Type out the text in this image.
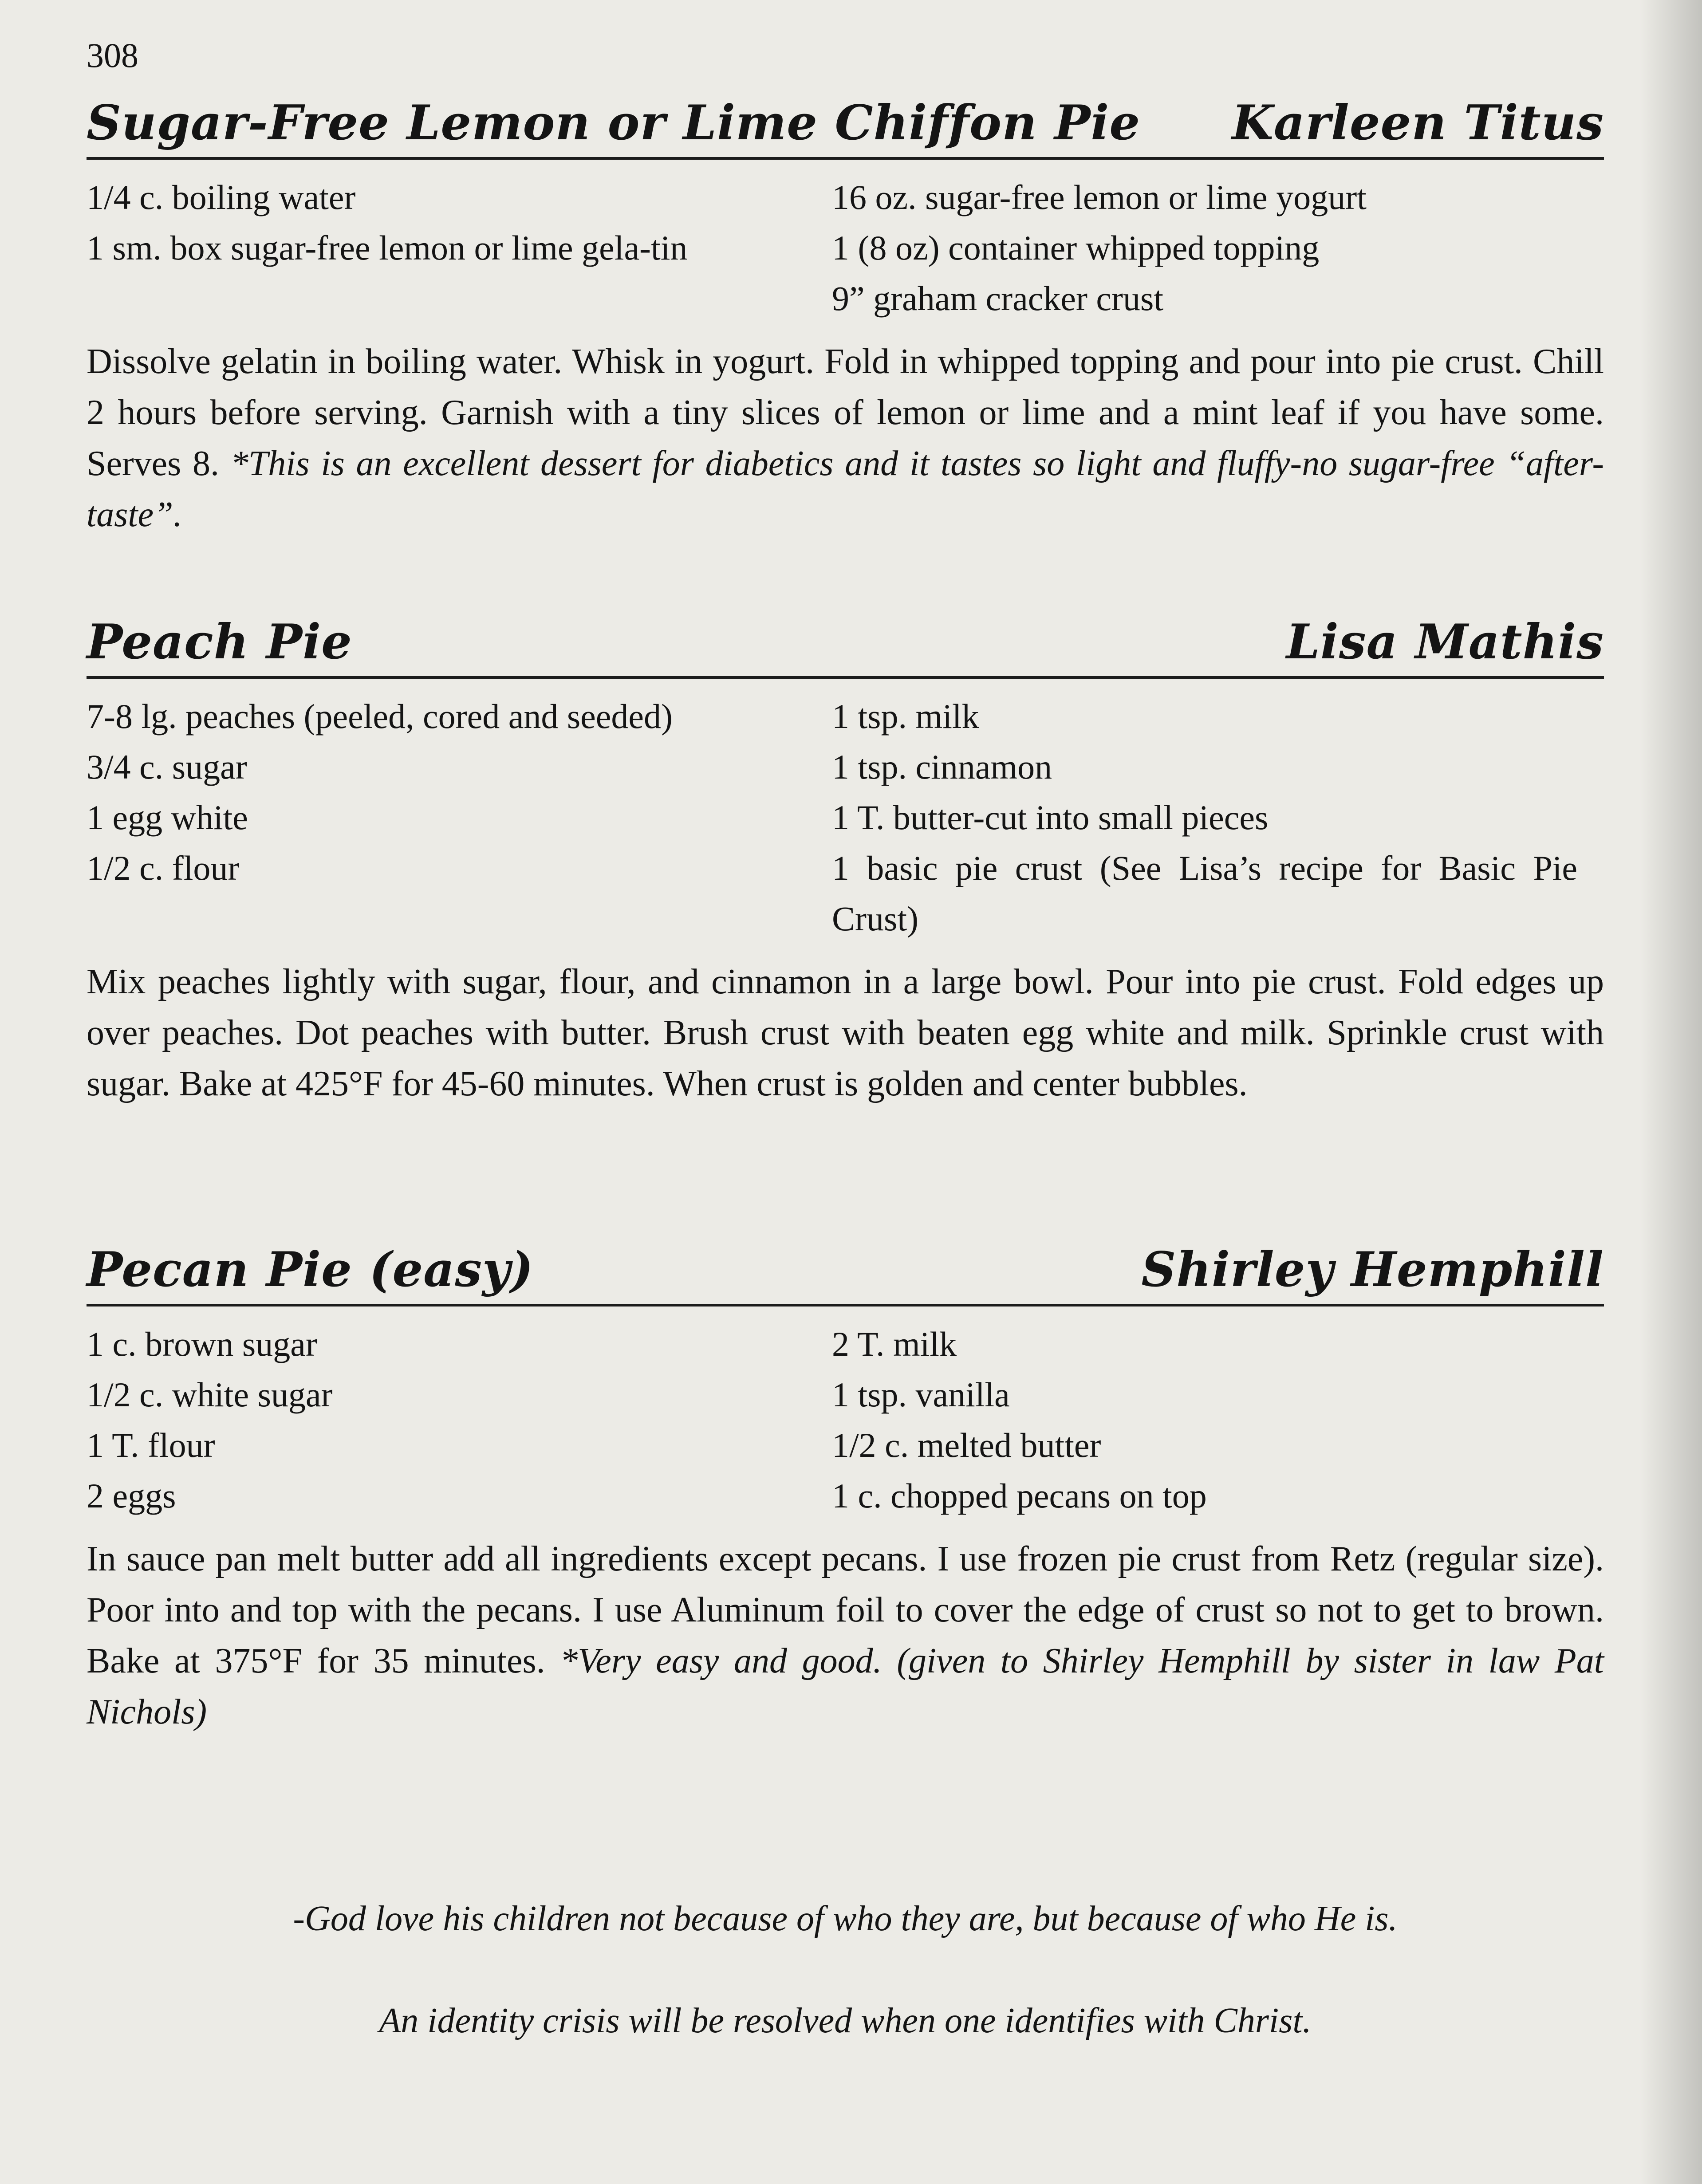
308
Sugar-Free Lemon or Lime Chiffon Pie Karleen Titus
1/4 c. boiling water
1 sm. box sugar-free lemon or lime gela-tin
16 oz. sugar-free lemon or lime yogurt
1 (8 oz) container whipped topping
9” graham cracker crust
Dissolve gelatin in boiling water. Whisk in yogurt. Fold in whipped topping and pour into pie crust. Chill 2 hours before serving. Garnish with a tiny slices of lemon or lime and a mint leaf if you have some. Serves 8. *This is an excellent dessert for diabetics and it tastes so light and fluffy-no sugar-free “after-taste”.
Peach Pie	Lisa Mathis
7-8 lg. peaches (peeled, cored and seeded)
3/4 c. sugar
1 egg white
1/2 c. flour
1 tsp. milk
1 tsp. cinnamon
1 T. butter-cut into small pieces
1 basic pie crust (See Lisa’s recipe for Basic Pie Crust)
Mix peaches lightly with sugar, flour, and cinnamon in a large bowl. Pour into pie crust. Fold edges up over peaches. Dot peaches with butter. Brush crust with beaten egg white and milk. Sprinkle crust with sugar. Bake at 425°F for 45-60 minutes. When crust is golden and center bubbles.
Pecan Pie (easy)	Shirley Hemphill
1 c. brown sugar
1/2 c. white sugar
1 T. flour
2 eggs
2 T. milk
1 tsp. vanilla
1/2 c. melted butter
1 c. chopped pecans on top
In sauce pan melt butter add all ingredients except pecans. I use frozen pie crust from Retz (regular size). Poor into and top with the pecans. I use Aluminum foil to cover the edge of crust so not to get to brown. Bake at 375°F for 35 minutes. *Very easy and good. (given to Shirley Hemphill by sister in law Pat Nichols)
-God love his children not because of who they are, but because of who He is.
An identity crisis will be resolved when one identifies with Christ.
